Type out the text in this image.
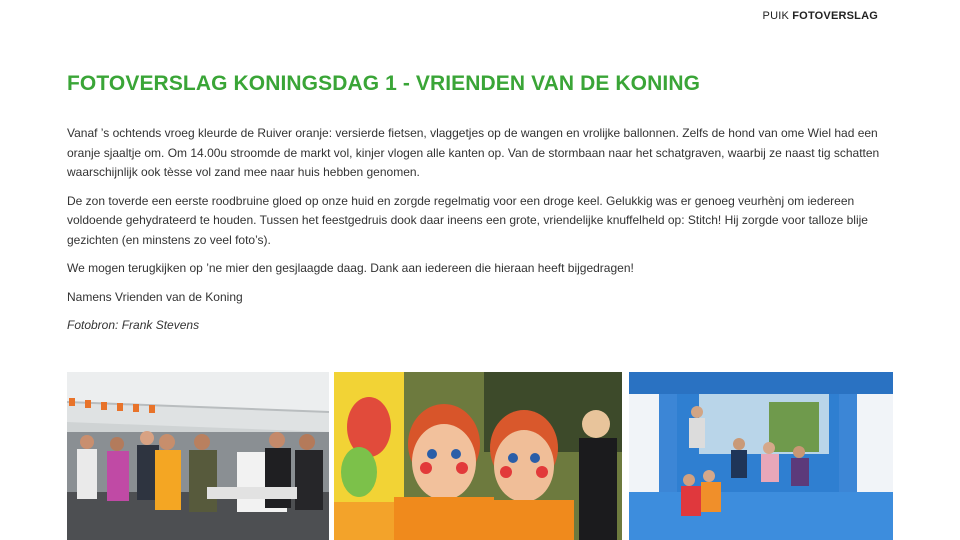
PUIK FOTOVERSLAG
FOTOVERSLAG KONINGSDAG 1 - VRIENDEN VAN DE KONING

Vanaf ’s ochtends vroeg kleurde de Ruiver oranje: versierde fietsen, vlaggetjes op de wangen en vrolijke ballonnen. Zelfs de hond van ome Wiel had een oranje sjaaltje om. Om 14.00u stroomde de markt vol, kinjer vlogen alle kanten op. Van de stormbaan naar het schatgraven, waarbij ze naast tig schatten waarschijnlijk ook tèsse vol zand mee naar huis hebben genomen.

De zon toverde een eerste roodbruine gloed op onze huid en zorgde regelmatig voor een droge keel. Gelukkig was er genoeg veurhènj om iedereen voldoende gehydrateerd te houden. Tussen het feestgedruis dook daar ineens een grote, vriendelijke knuffelheld op: Stitch! Hij zorgde voor talloze blije gezichten (en minstens zo veel foto’s).

We mogen terugkijken op ’ne mier den gesjlaagde daag. Dank aan iedereen die hieraan heeft bijgedragen!

Namens Vrienden van de Koning

Fotobron: Frank Stevens
